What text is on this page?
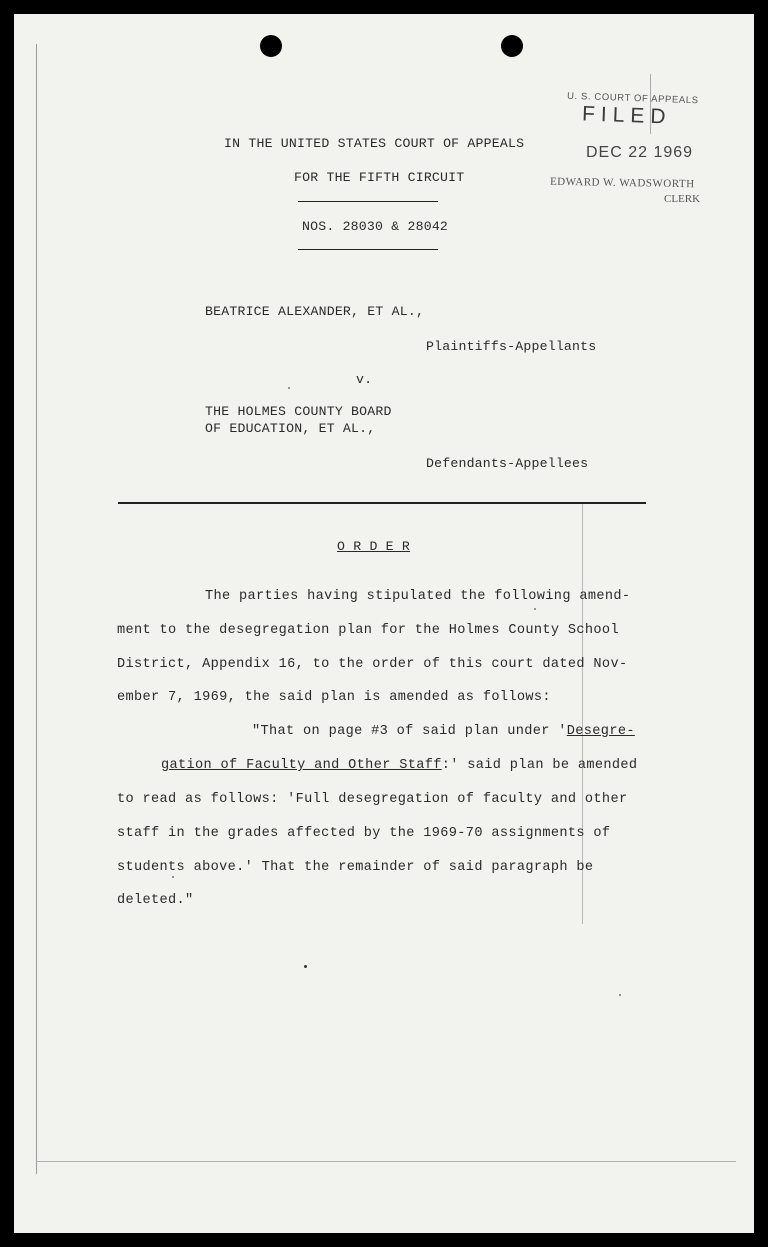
U. S. COURT OF APPEALS
FILED
DEC 22 1969
EDWARD W. WADSWORTH
CLERK
IN THE UNITED STATES COURT OF APPEALS
FOR THE FIFTH CIRCUIT
NOS. 28030 & 28042
BEATRICE ALEXANDER, ET AL.,
Plaintiffs-Appellants
v.
THE HOLMES COUNTY BOARD
OF EDUCATION, ET AL.,
Defendants-Appellees
O R D E R
The parties having stipulated the following amend-
ment to the desegregation plan for the Holmes County School
District, Appendix 16, to the order of this court dated Nov-
ember 7, 1969, the said plan is amended as follows:
"That on page #3 of said plan under 'Desegre-
gation of Faculty and Other Staff:' said plan be amended
to read as follows: 'Full desegregation of faculty and other
staff in the grades affected by the 1969-70 assignments of
students above.' That the remainder of said paragraph be
deleted."
